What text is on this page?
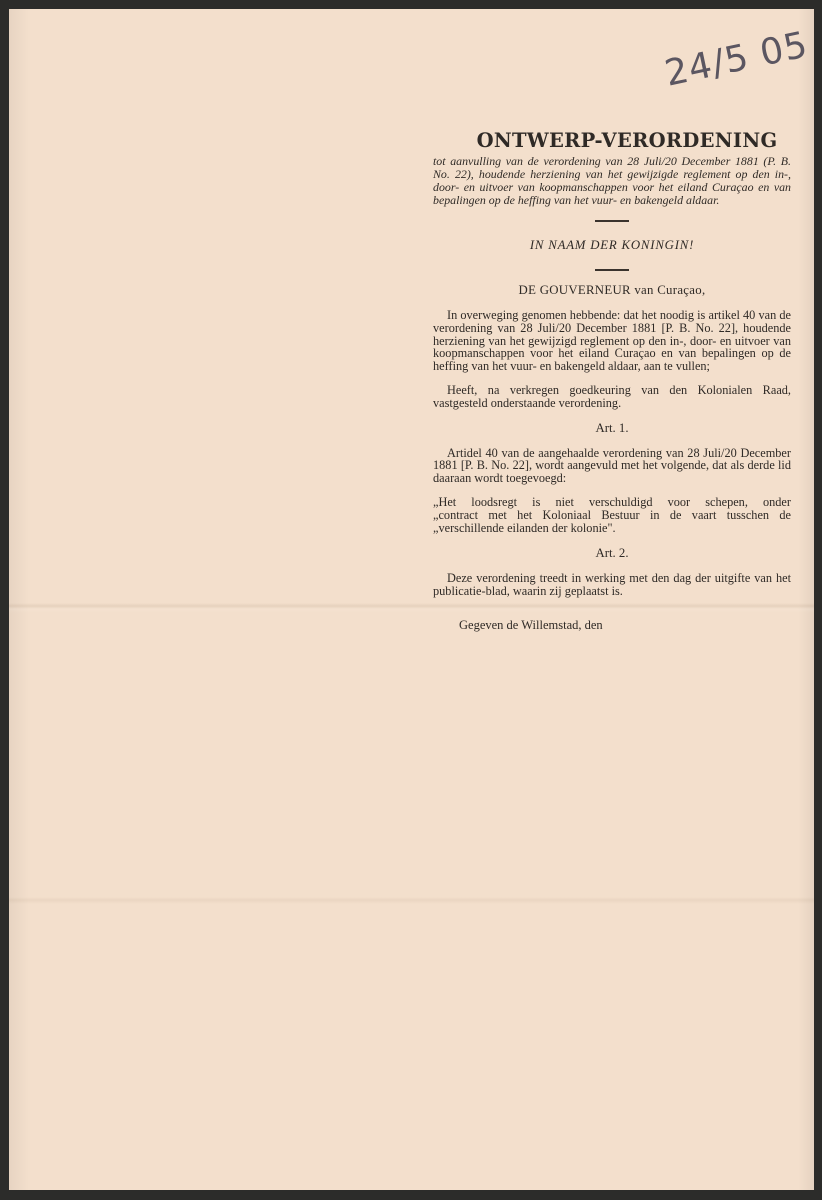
24/5 05
ONTWERP-VERORDENING

tot aanvulling van de verordening van 28 Juli/20 December 1881 (P. B. No. 22), houdende herziening van het gewijzigde reglement op den in-, door- en uitvoer van koopmanschappen voor het eiland Curaçao en van bepalingen op de heffing van het vuur- en bakengeld aldaar.

IN NAAM DER KONINGIN!

DE GOUVERNEUR van Curaçao,

In overweging genomen hebbende: dat het noodig is artikel 40 van de verordening van 28 Juli/20 December 1881 [P. B. No. 22], houdende herziening van het gewijzigd reglement op den in-, door- en uitvoer van koopmanschappen voor het eiland Curaçao en van bepalingen op de heffing van het vuur- en bakengeld aldaar, aan te vullen;

Heeft, na verkregen goedkeuring van den Kolonialen Raad, vastgesteld onderstaande verordening.

Art. 1.

Artidel 40 van de aangehaalde verordening van 28 Juli/20 December 1881 [P. B. No. 22], wordt aangevuld met het volgende, dat als derde lid daaraan wordt toegevoegd:

„Het loodsregt is niet verschuldigd voor schepen, onder
„contract met het Koloniaal Bestuur in de vaart tusschen de
„verschillende eilanden der kolonie".

Art. 2.

Deze verordening treedt in werking met den dag der uitgifte van het publicatie-blad, waarin zij geplaatst is.

Gegeven de Willemstad, den
